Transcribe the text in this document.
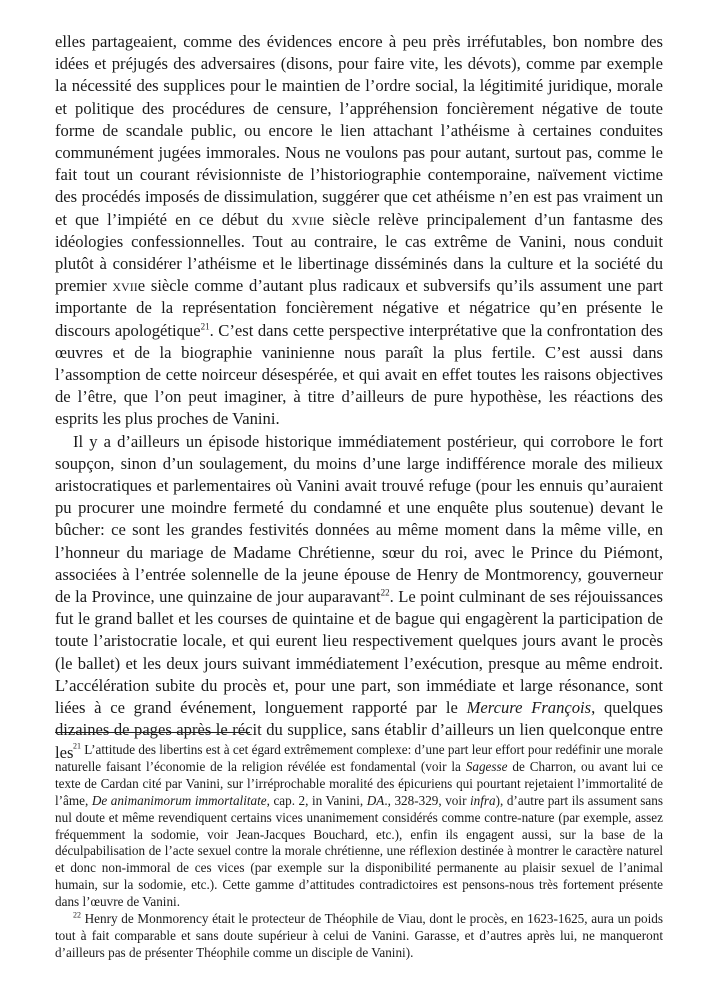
elles partageaient, comme des évidences encore à peu près irréfutables, bon nombre des idées et préjugés des adversaires (disons, pour faire vite, les dévots), comme par exemple la nécessité des supplices pour le maintien de l’ordre social, la légitimité juridique, morale et politique des procédures de censure, l’appréhension foncièrement négative de toute forme de scandale public, ou encore le lien attachant l’athéisme à certaines conduites communément jugées immorales. Nous ne voulons pas pour autant, surtout pas, comme le fait tout un courant révisionniste de l’historiographie contemporaine, naïvement victime des procédés imposés de dissimulation, suggérer que cet athéisme n’en est pas vraiment un et que l’impiété en ce début du xviie siècle relève principalement d’un fantasme des idéologies confessionnelles. Tout au contraire, le cas extrême de Vanini, nous conduit plutôt à considérer l’athéisme et le libertinage disséminés dans la culture et la société du premier xviie siècle comme d’autant plus radicaux et subversifs qu’ils assument une part importante de la représentation foncièrement négative et négatrice qu’en présente le discours apologétique$^{21}$. C’est dans cette perspective interprétative que la confrontation des œuvres et de la biographie vaninienne nous paraît la plus fertile. C’est aussi dans l’assomption de cette noirceur désespérée, et qui avait en effet toutes les raisons objectives de l’être, que l’on peut imaginer, à titre d’ailleurs de pure hypothèse, les réactions des esprits les plus proches de Vanini.

Il y a d’ailleurs un épisode historique immédiatement postérieur, qui corrobore le fort soupçon, sinon d’un soulagement, du moins d’une large indifférence morale des milieux aristocratiques et parlementaires où Vanini avait trouvé refuge (pour les ennuis qu’auraient pu procurer une moindre fermeté du condamné et une enquête plus soutenue) devant le bûcher: ce sont les grandes festivités données au même moment dans la même ville, en l’honneur du mariage de Madame Chrétienne, sœur du roi, avec le Prince du Piémont, associées à l’entrée solennelle de la jeune épouse de Henry de Montmorency, gouverneur de la Province, une quinzaine de jour auparavant$^{22}$. Le point culminant de ses réjouissances fut le grand ballet et les courses de quintaine et de bague qui engagèrent la participation de toute l’aristocratie locale, et qui eurent lieu respectivement quelques jours avant le procès (le ballet) et les deux jours suivant immédiatement l’exécution, presque au même endroit. L’accélération subite du procès et, pour une part, son immédiate et large résonance, sont liées à ce grand événement, longuement rapporté par le Mercure François, quelques dizaines de pages après le récit du supplice, sans établir d’ailleurs un lien quelconque entre les $^{21}$ L’attitude des libertins est à cet égard extrêmement complexe: d’une part leur effort pour redéfinir une morale naturelle faisant l’économie de la religion révélée est fondamental (voir la Sagesse de Charron, ou avant lui ce texte de Cardan cité par Vanini, sur l’irréprochable moralité des épicuriens qui pourtant rejetaient l’immortalité de l’âme, De animanimorum immortalitate, cap. 2, in Vanini, DA., 328-329, voir infra), d’autre part ils assument sans nul doute et même revendiquent certains vices unanimement considérés comme contre-nature (par exemple, assez fréquemment la sodomie, voir Jean-Jacques Bouchard, etc.), enfin ils engagent aussi, sur la base de la déculpabilisation de l’acte sexuel contre la morale chrétienne, une réflexion destinée à montrer le caractère naturel et donc non-immoral de ces vices (par exemple sur la disponibilité permanente au plaisir sexuel de l’animal humain, sur la sodomie, etc.). Cette gamme d’attitudes contradictoires est pensons-nous très fortement présente dans l’œuvre de Vanini.

$^{22}$ Henry de Monmorency était le protecteur de Théophile de Viau, dont le procès, en 1623-1625, aura un poids tout à fait comparable et sans doute supérieur à celui de Vanini. Garasse, et d’autres après lui, ne manqueront d’ailleurs pas de présenter Théophile comme un disciple de Vanini).
